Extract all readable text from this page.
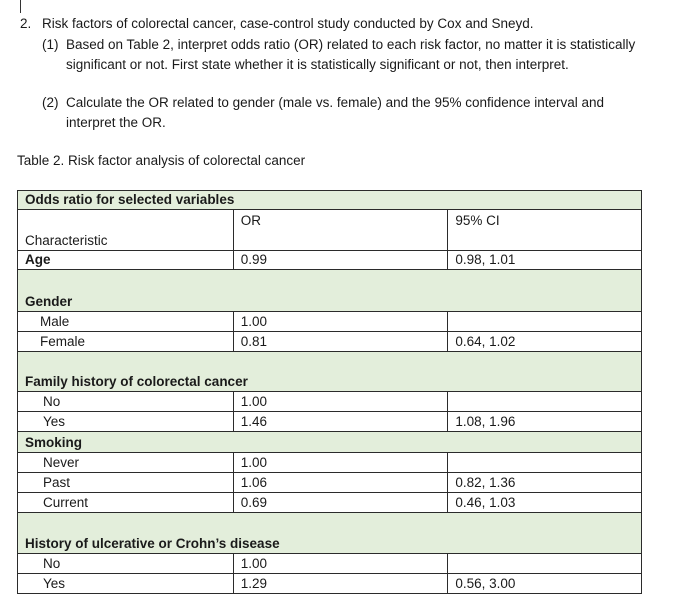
2. Risk factors of colorectal cancer, case-control study conducted by Cox and Sneyd.
(1) Based on Table 2, interpret odds ratio (OR) related to each risk factor, no matter it is statistically significant or not. First state whether it is statistically significant or not, then interpret.
(2) Calculate the OR related to gender (male vs. female) and the 95% confidence interval and interpret the OR.
Table 2. Risk factor analysis of colorectal cancer
Odds ratio for selected variables		
Characteristic	OR	95% CI
Age	0.99	0.98, 1.01
Gender		
Male	1.00	
Female	0.81	0.64, 1.02
Family history of colorectal cancer		
No	1.00	
Yes	1.46	1.08, 1.96
Smoking		
Never	1.00	
Past	1.06	0.82, 1.36
Current	0.69	0.46, 1.03
History of ulcerative or Crohn’s disease		
No	1.00	
Yes	1.29	0.56, 3.00
